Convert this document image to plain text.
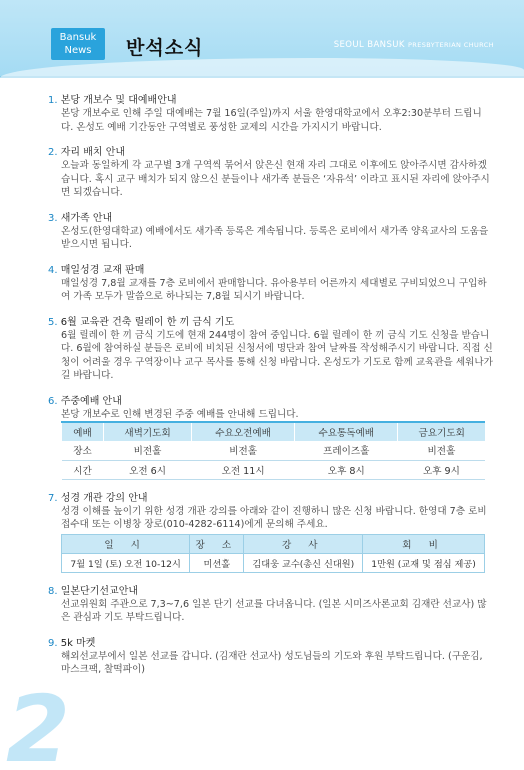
Bansuk
News	반석소식	SEOUL BANSUK PRESBYTERIAN CHURCH
1. 본당 개보수 및 대예배안내
본당 개보수로 인해 주일 대예배는 7월 16일(주일)까지 서울 한영대학교에서 오후2:30분부터 드립니다. 온성도 예배 기간동안 구역별로 풍성한 교제의 시간을 가지시기 바랍니다.
2. 자리 배치 안내
오늘과 동일하게 각 교구별 3개 구역씩 묶어서 앉은신 현재 자리 그대로 이후에도 앉아주시면 감사하겠습니다. 혹시 교구 배치가 되지 않으신 분들이나 새가족 분들은 ‘자유석’ 이라고 표시된 자리에 앉아주시면 되겠습니다.
3. 새가족 안내
온성도(한영대학교) 예배에서도 새가족 등록은 계속됩니다. 등록은 로비에서 새가족 양육교사의 도움을 받으시면 됩니다.
4. 매일성경 교재 판매
매일성경 7,8월 교재를 7층 로비에서 판매합니다. 유아용부터 어른까지 세대별로 구비되었으니 구입하여 가족 모두가 말씀으로 하나되는 7,8월 되시기 바랍니다.
5. 6월 교육관 건축 릴레이 한 끼 금식 기도
6월 릴레이 한 끼 금식 기도에 현재 244명이 참여 중입니다. 6월 릴레이 한 끼 금식 기도 신청을 받습니다. 6월에 참여하실 분들은 로비에 비치된 신청서에 명단과 참여 날짜를 작성해주시기 바랍니다. 직접 신청이 어려울 경우 구역장이나 교구 목사를 통해 신청 바랍니다. 온성도가 기도로 함께 교육관을 세워나가길 바랍니다.
6. 주중예배 안내
본당 개보수로 인해 변경된 주중 예배를 안내해 드립니다.
예배	새벽기도회	수요오전예배	수요통독예배	금요기도회
장소	비전홀	비전홀	프레이즈홀	비전홀
시간	오전 6시	오전 11시	오후 8시	오후 9시
7. 성경 개관 강의 안내
성경 이해를 높이기 위한 성경 개관 강의를 아래와 같이 진행하니 많은 신청 바랍니다. 한영대 7층 로비 접수대 또는 이병창 장로(010-4282-6114)에게 문의해 주세요.
일 시	장 소	강 사	회 비
7월 1일 (토) 오전 10-12시	미션홀	김대웅 교수(총신 신대원)	1만원 (교재 및 점심 제공)
8. 일본단기선교안내
선교위원회 주관으로 7,3~7,6 일본 단기 선교를 다녀옵니다. (일본 시미즈사론교회 김재란 선교사) 많은 관심과 기도 부탁드립니다.
9. 5k 마켓
해외선교부에서 일본 선교를 갑니다. (김재란 선교사) 성도님들의 기도와 후원 부탁드립니다. (구운김, 마스크팩, 찰떡파이)
2
